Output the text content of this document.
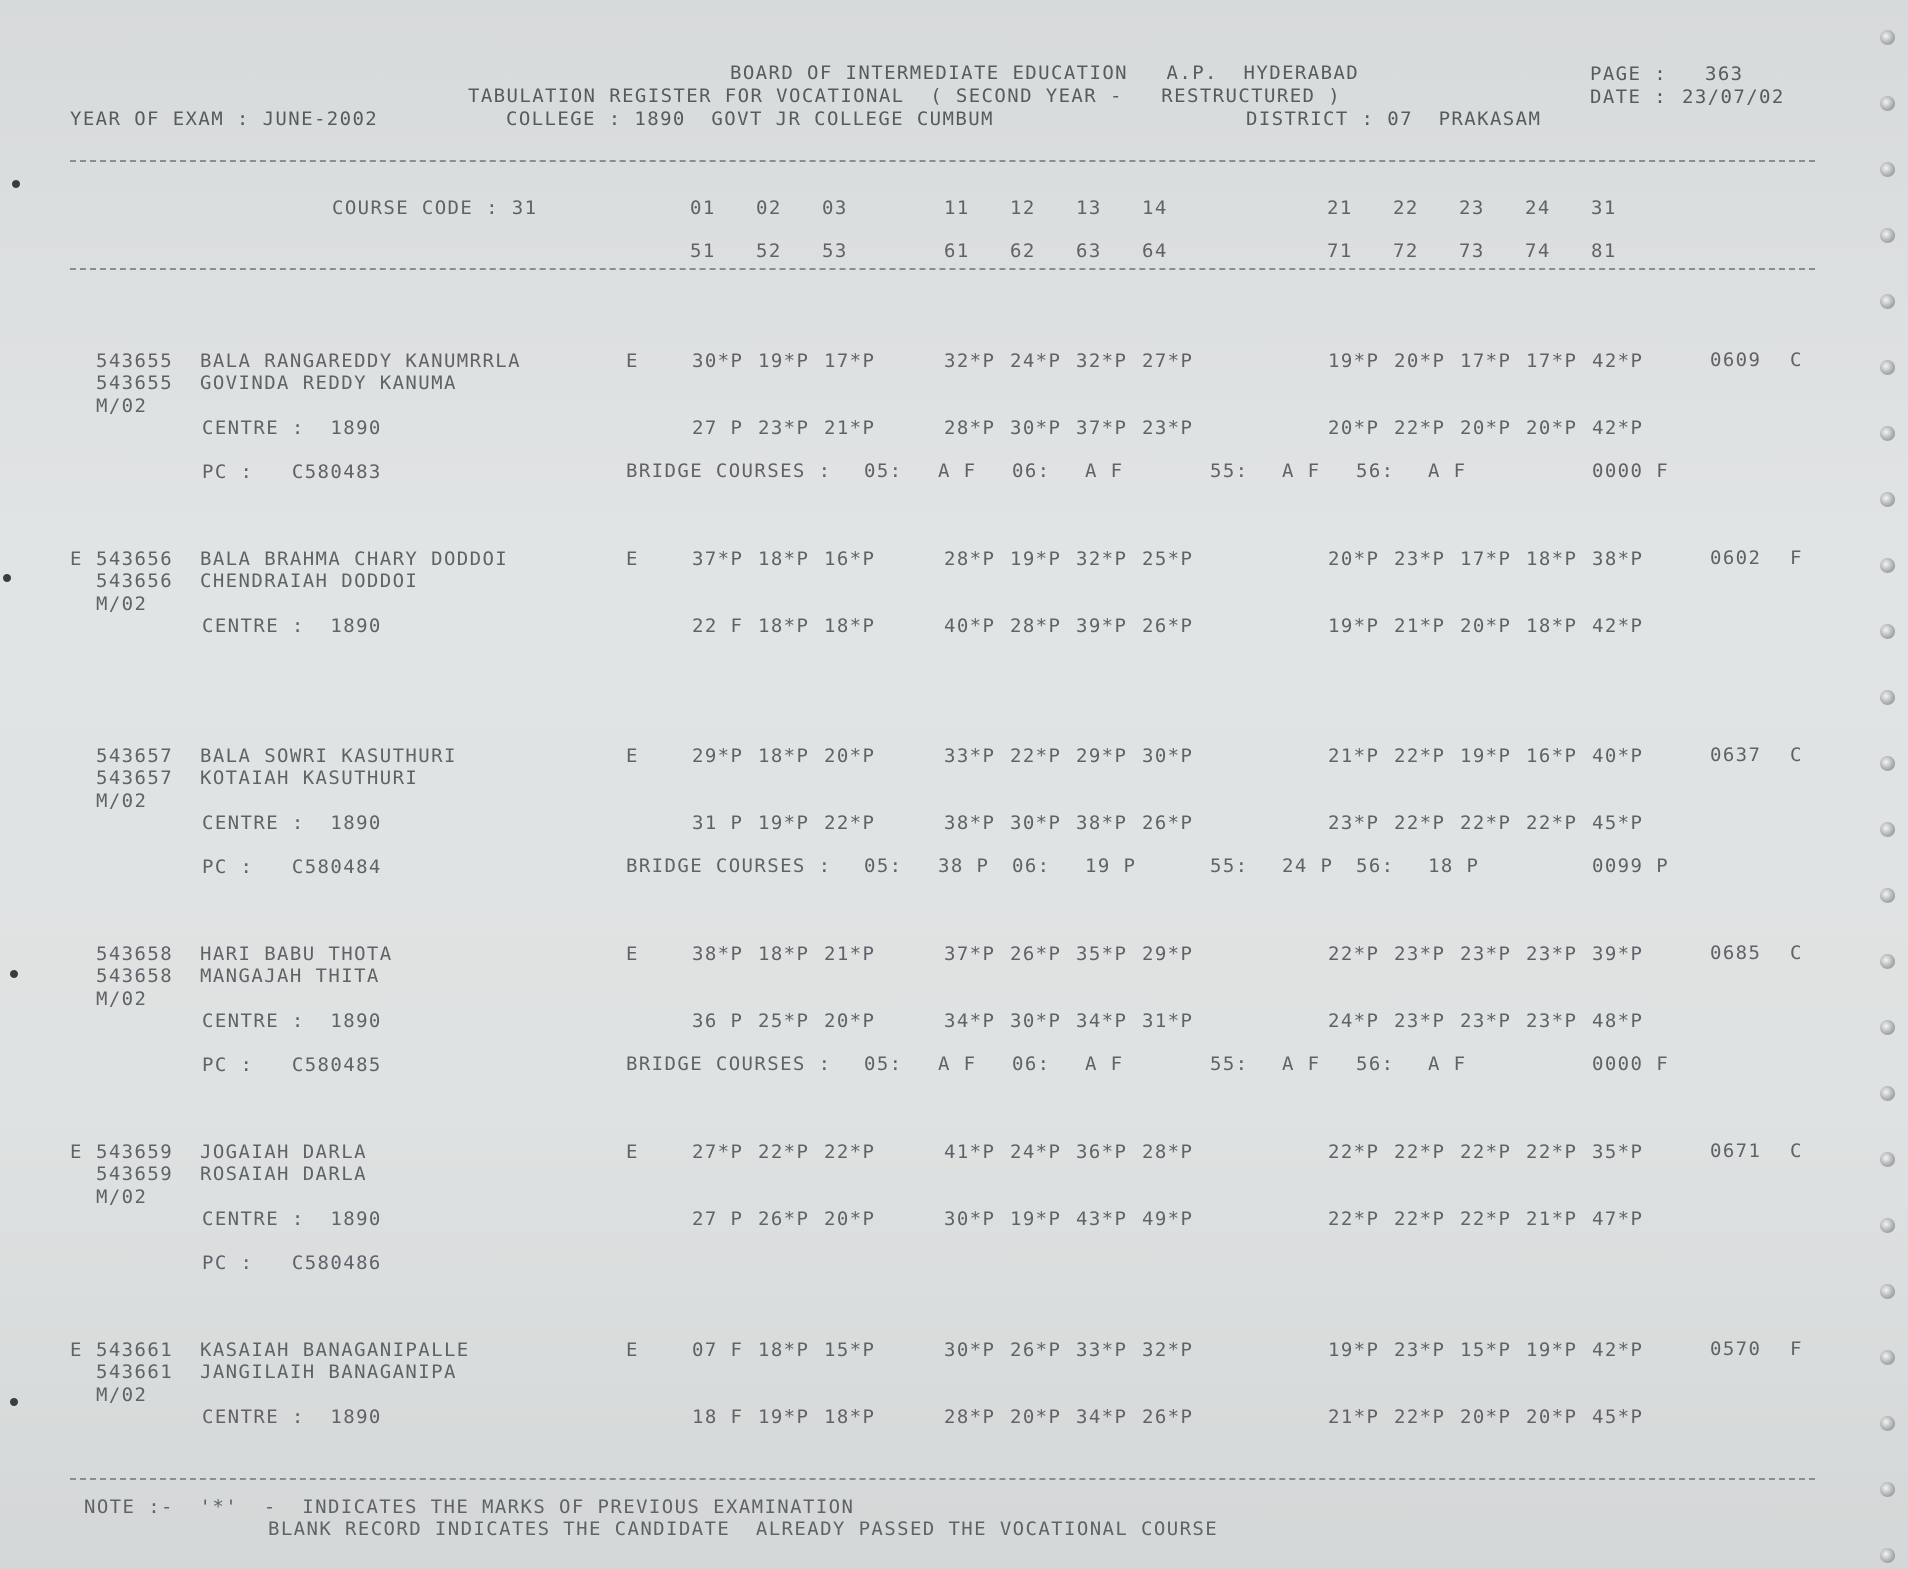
BOARD OF INTERMEDIATE EDUCATION   A.P.  HYDERABAD
TABULATION REGISTER FOR VOCATIONAL  ( SECOND YEAR -   RESTRUCTURED )
YEAR OF EXAM : JUNE-2002	COLLEGE : 1890  GOVT JR COLLEGE CUMBUM	DISTRICT : 07  PRAKASAM
PAGE : 363
DATE : 23/07/02
COURSE CODE : 31	01 02 03	11 12 13 14	21 22 23 24 31
51 52 53	61 62 63 64	71 72 73 74 81
543655 BALA RANGAREDDY KANUMRRLA	E	30*P 19*P 17*P	32*P 24*P 32*P 27*P	19*P 20*P 17*P 17*P 42*P	0609 C
543655 GOVINDA REDDY KANUMA
M/02
CENTRE :  1890	27 P 23*P 21*P	28*P 30*P 37*P 23*P	20*P 22*P 20*P 20*P 42*P
PC :   C580483	BRIDGE COURSES : 05: A F 06: A F	55: A F 56: A F	0000 F
E 543656 BALA BRAHMA CHARY DODDOI	E	37*P 18*P 16*P	28*P 19*P 32*P 25*P	20*P 23*P 17*P 18*P 38*P	0602 F
543656 CHENDRAIAH DODDOI
M/02
CENTRE :  1890	22 F 18*P 18*P	40*P 28*P 39*P 26*P	19*P 21*P 20*P 18*P 42*P
543657 BALA SOWRI KASUTHURI	E	29*P 18*P 20*P	33*P 22*P 29*P 30*P	21*P 22*P 19*P 16*P 40*P	0637 C
543657 KOTAIAH KASUTHURI
M/02
CENTRE :  1890	31 P 19*P 22*P	38*P 30*P 38*P 26*P	23*P 22*P 22*P 22*P 45*P
PC :   C580484	BRIDGE COURSES : 05: 38 P 06: 19 P	55: 24 P 56: 18 P	0099 P
543658 HARI BABU THOTA	E	38*P 18*P 21*P	37*P 26*P 35*P 29*P	22*P 23*P 23*P 23*P 39*P	0685 C
543658 MANGAJAH THITA
M/02
CENTRE :  1890	36 P 25*P 20*P	34*P 30*P 34*P 31*P	24*P 23*P 23*P 23*P 48*P
PC :   C580485	BRIDGE COURSES : 05: A F 06: A F	55: A F 56: A F	0000 F
E 543659 JOGAIAH DARLA	E	27*P 22*P 22*P	41*P 24*P 36*P 28*P	22*P 22*P 22*P 22*P 35*P	0671 C
543659 ROSAIAH DARLA
M/02
CENTRE :  1890	27 P 26*P 20*P	30*P 19*P 43*P 49*P	22*P 22*P 22*P 21*P 47*P
PC :   C580486
E 543661 KASAIAH BANAGANIPALLE	E	07 F 18*P 15*P	30*P 26*P 33*P 32*P	19*P 23*P 15*P 19*P 42*P	0570 F
543661 JANGILAIH BANAGANIPA
M/02
CENTRE :  1890	18 F 19*P 18*P	28*P 20*P 34*P 26*P	21*P 22*P 20*P 20*P 45*P
NOTE :-  '*'  -  INDICATES THE MARKS OF PREVIOUS EXAMINATION
BLANK RECORD INDICATES THE CANDIDATE  ALREADY PASSED THE VOCATIONAL COURSE
